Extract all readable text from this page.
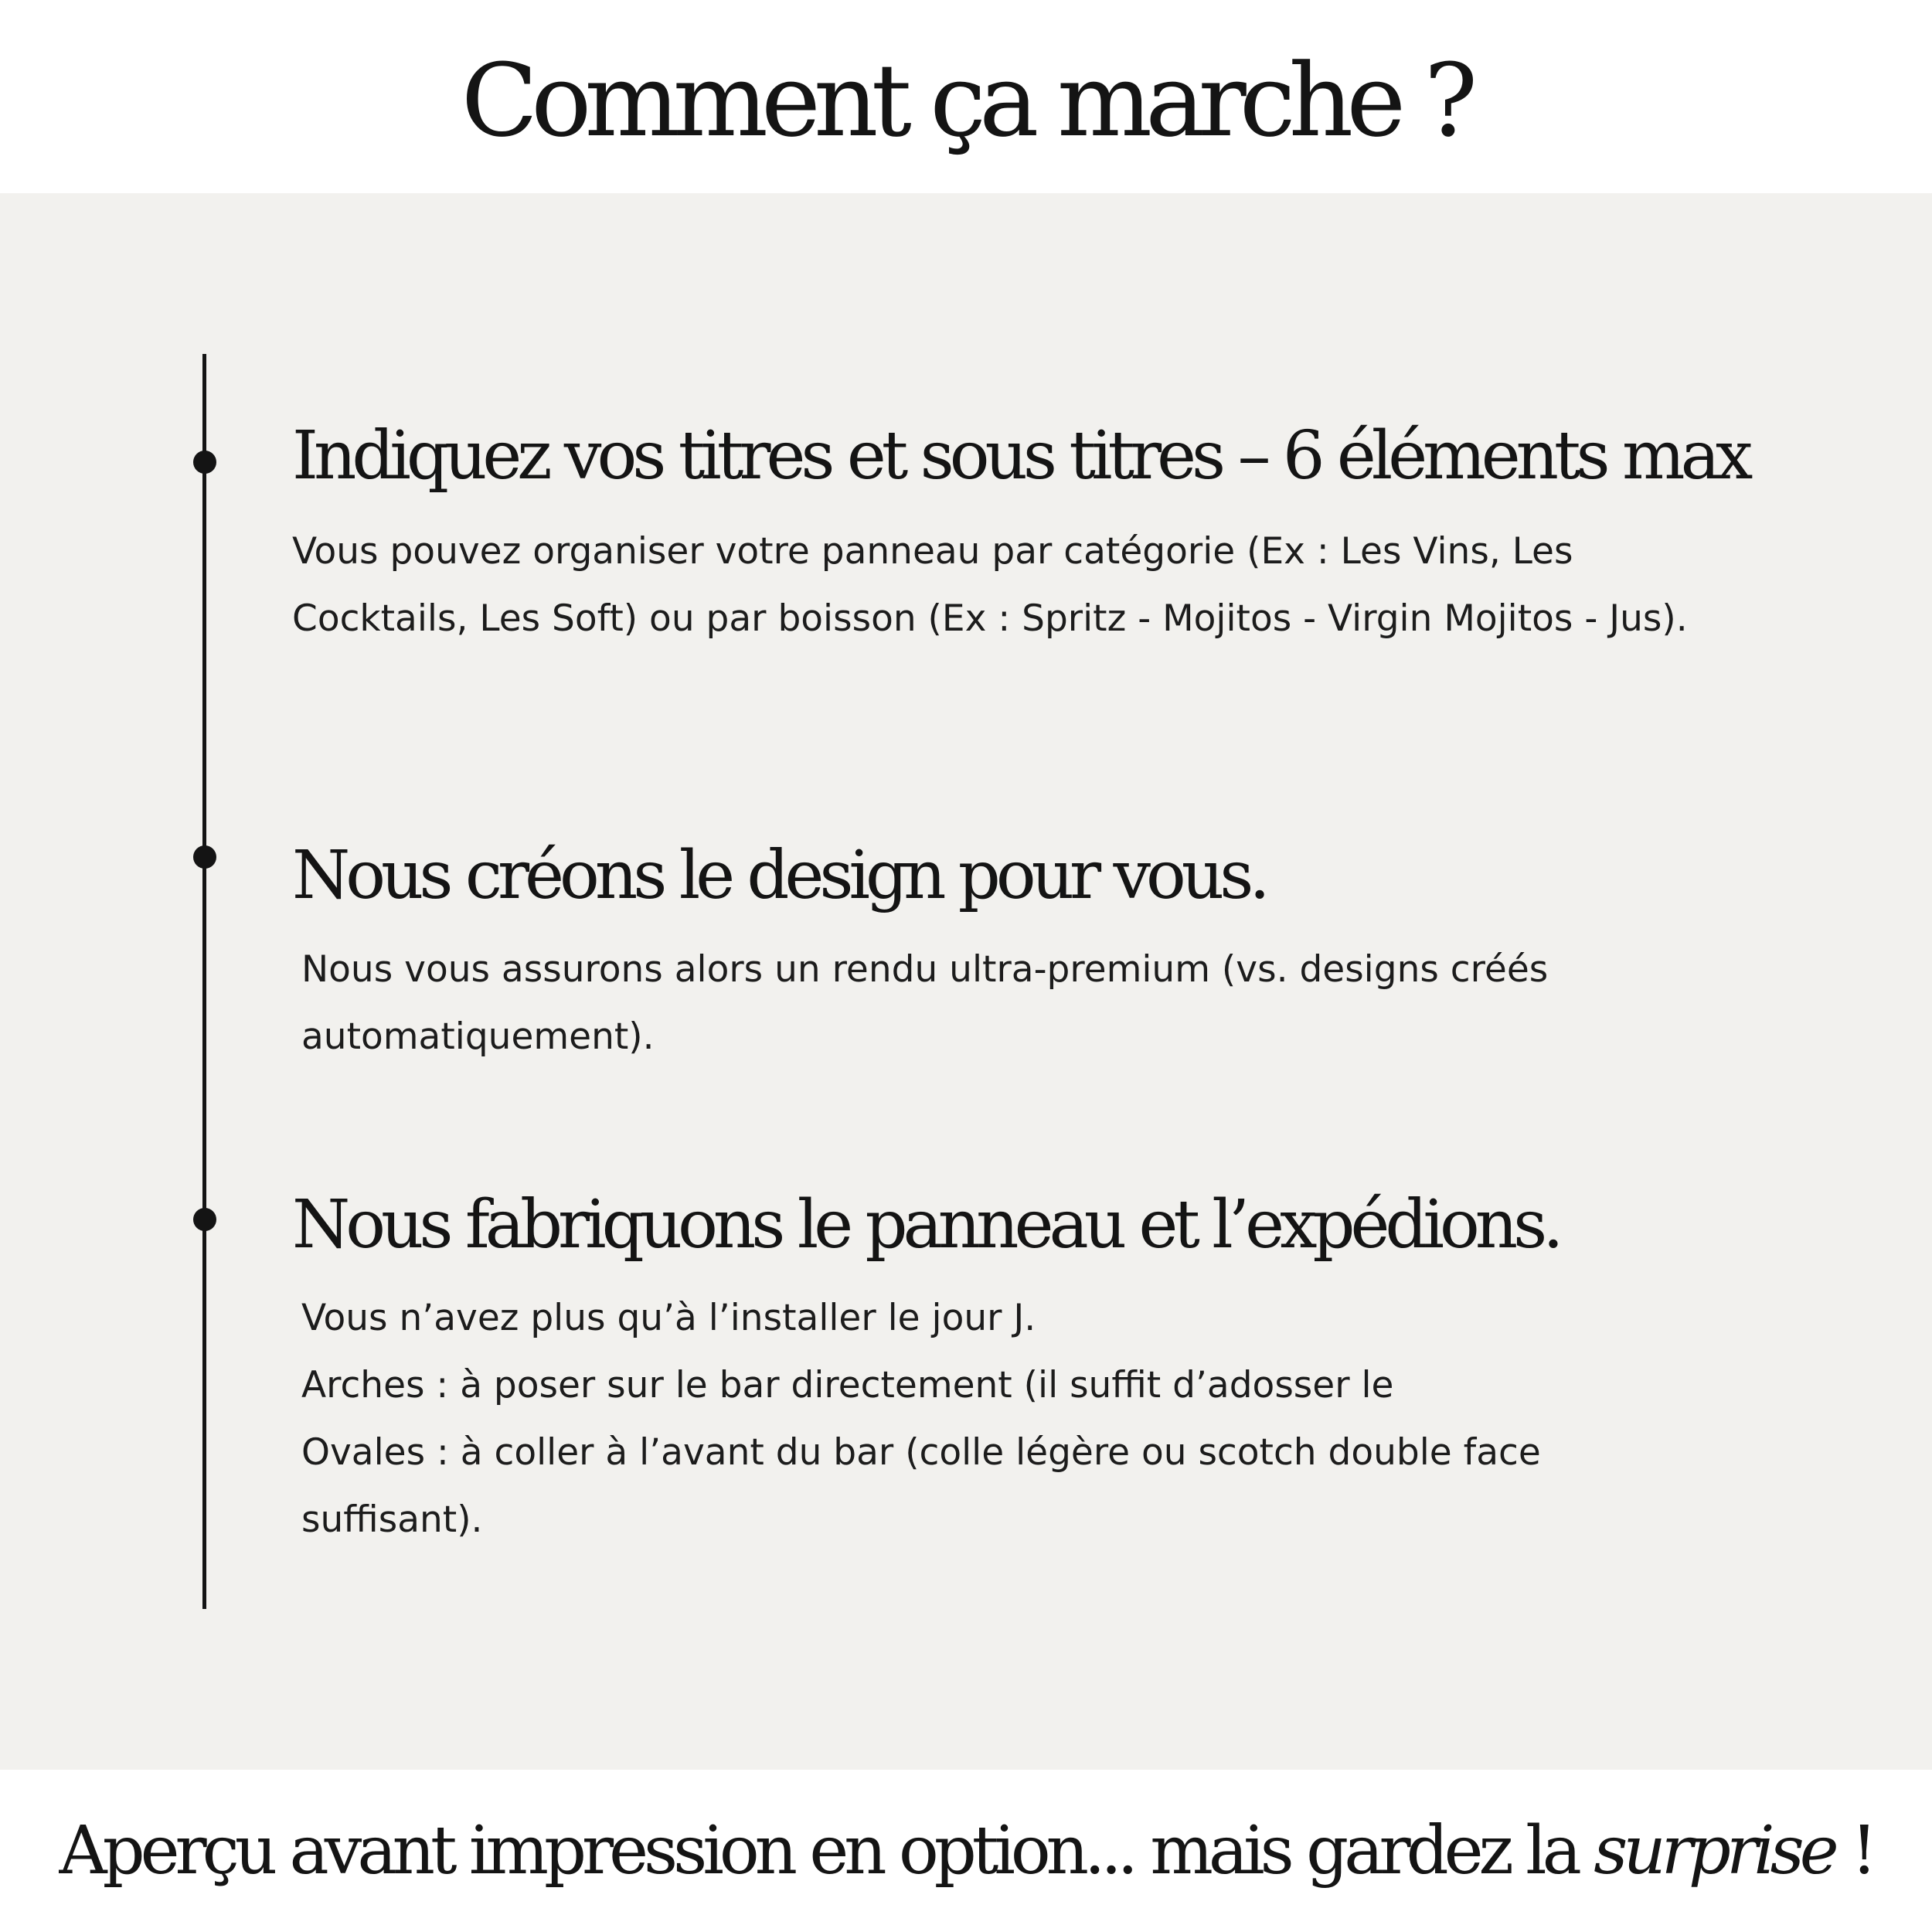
Comment ça marche ?
Indiquez vos titres et sous titres – 6 éléments max

Vous pouvez organiser votre panneau par catégorie (Ex : Les Vins, Les Cocktails, Les Soft) ou par boisson (Ex : Spritz - Mojitos - Virgin Mojitos - Jus).

Nous créons le design pour vous.

Nous vous assurons alors un rendu ultra-premium (vs. designs créés automatiquement).

Nous fabriquons le panneau et l’expédions.

Vous n’avez plus qu’à l’installer le jour J.

Arches : à poser sur le bar directement (il suffit d’adosser le

Ovales : à coller à l’avant du bar (colle légère ou scotch double face suffisant).

Aperçu avant impression en option... mais gardez la surprise !
